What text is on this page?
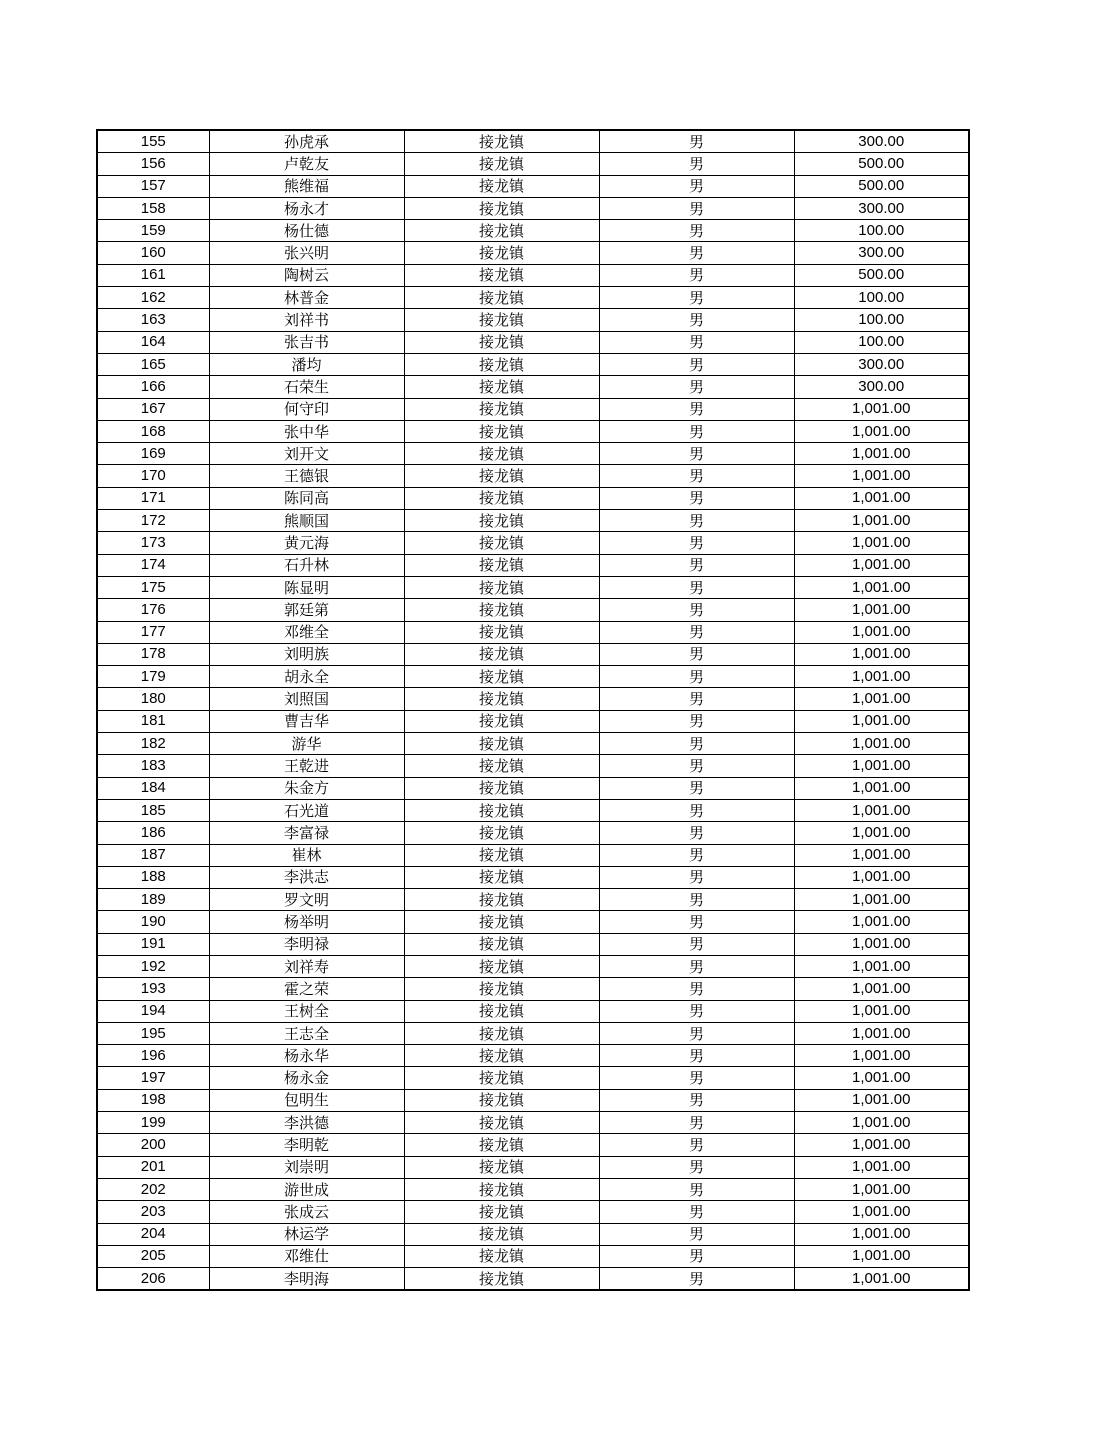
155	孙虎承	接龙镇	男	300.00
156	卢乾友	接龙镇	男	500.00
157	熊维福	接龙镇	男	500.00
158	杨永才	接龙镇	男	300.00
159	杨仕德	接龙镇	男	100.00
160	张兴明	接龙镇	男	300.00
161	陶树云	接龙镇	男	500.00
162	林普金	接龙镇	男	100.00
163	刘祥书	接龙镇	男	100.00
164	张吉书	接龙镇	男	100.00
165	潘均	接龙镇	男	300.00
166	石荣生	接龙镇	男	300.00
167	何守印	接龙镇	男	1,001.00
168	张中华	接龙镇	男	1,001.00
169	刘开文	接龙镇	男	1,001.00
170	王德银	接龙镇	男	1,001.00
171	陈同高	接龙镇	男	1,001.00
172	熊顺国	接龙镇	男	1,001.00
173	黄元海	接龙镇	男	1,001.00
174	石升林	接龙镇	男	1,001.00
175	陈显明	接龙镇	男	1,001.00
176	郭廷第	接龙镇	男	1,001.00
177	邓维全	接龙镇	男	1,001.00
178	刘明族	接龙镇	男	1,001.00
179	胡永全	接龙镇	男	1,001.00
180	刘照国	接龙镇	男	1,001.00
181	曹吉华	接龙镇	男	1,001.00
182	游华	接龙镇	男	1,001.00
183	王乾进	接龙镇	男	1,001.00
184	朱金方	接龙镇	男	1,001.00
185	石光道	接龙镇	男	1,001.00
186	李富禄	接龙镇	男	1,001.00
187	崔林	接龙镇	男	1,001.00
188	李洪志	接龙镇	男	1,001.00
189	罗文明	接龙镇	男	1,001.00
190	杨举明	接龙镇	男	1,001.00
191	李明禄	接龙镇	男	1,001.00
192	刘祥寿	接龙镇	男	1,001.00
193	霍之荣	接龙镇	男	1,001.00
194	王树全	接龙镇	男	1,001.00
195	王志全	接龙镇	男	1,001.00
196	杨永华	接龙镇	男	1,001.00
197	杨永金	接龙镇	男	1,001.00
198	包明生	接龙镇	男	1,001.00
199	李洪德	接龙镇	男	1,001.00
200	李明乾	接龙镇	男	1,001.00
201	刘崇明	接龙镇	男	1,001.00
202	游世成	接龙镇	男	1,001.00
203	张成云	接龙镇	男	1,001.00
204	林运学	接龙镇	男	1,001.00
205	邓维仕	接龙镇	男	1,001.00
206	李明海	接龙镇	男	1,001.00
